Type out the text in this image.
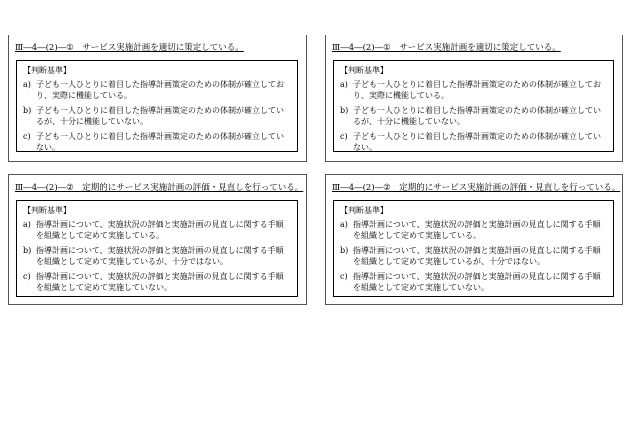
Ⅲ―4―(2)―①　サービス実施計画を適切に策定している。
【判断基準】
a) 子ども一人ひとりに着目した指導計画策定のための体制が確立しており、実際に機能している。
b) 子ども一人ひとりに着目した指導計画策定のための体制が確立しているが、十分に機能していない。
c) 子ども一人ひとりに着目した指導計画策定のための体制が確立していない。
Ⅲ―4―(2)―①　サービス実施計画を適切に策定している。
【判断基準】
a) 子ども一人ひとりに着目した指導計画策定のための体制が確立しており、実際に機能している。
b) 子ども一人ひとりに着目した指導計画策定のための体制が確立しているが、十分に機能していない。
c) 子ども一人ひとりに着目した指導計画策定のための体制が確立していない。
Ⅲ―4―(2)―②　定期的にサービス実施計画の評価・見直しを行っている。
【判断基準】
a) 指導計画について、実施状況の評価と実施計画の見直しに関する手順を組織として定めて実施している。
b) 指導計画について、実施状況の評価と実施計画の見直しに関する手順を組織として定めて実施しているが、十分ではない。
c) 指導計画について、実施状況の評価と実施計画の見直しに関する手順を組織として定めて実施していない。
Ⅲ―4―(2)―②　定期的にサービス実施計画の評価・見直しを行っている。
【判断基準】
a) 指導計画について、実施状況の評価と実施計画の見直しに関する手順を組織として定めて実施している。
b) 指導計画について、実施状況の評価と実施計画の見直しに関する手順を組織として定めて実施しているが、十分ではない。
c) 指導計画について、実施状況の評価と実施計画の見直しに関する手順を組織として定めて実施していない。
